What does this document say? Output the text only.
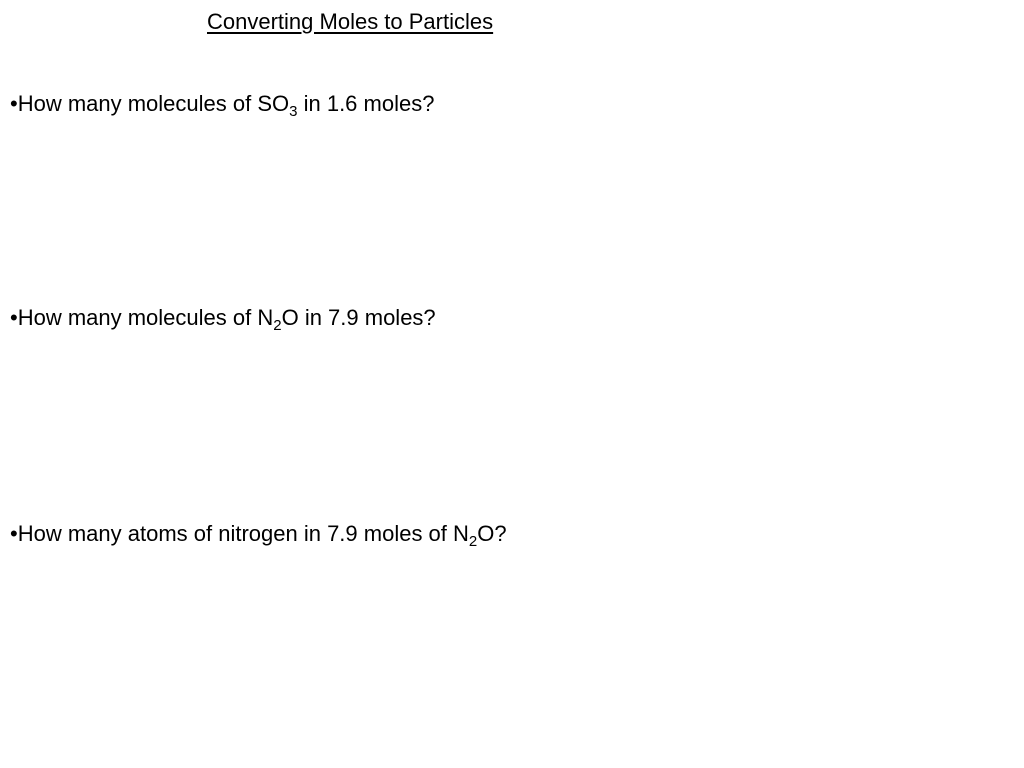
Converting Moles to Particles
•How many molecules of $SO_3$ in 1.6 moles?
•How many molecules of $N_2O$ in 7.9 moles?
•How many atoms of nitrogen in 7.9 moles of $N_2O$?
